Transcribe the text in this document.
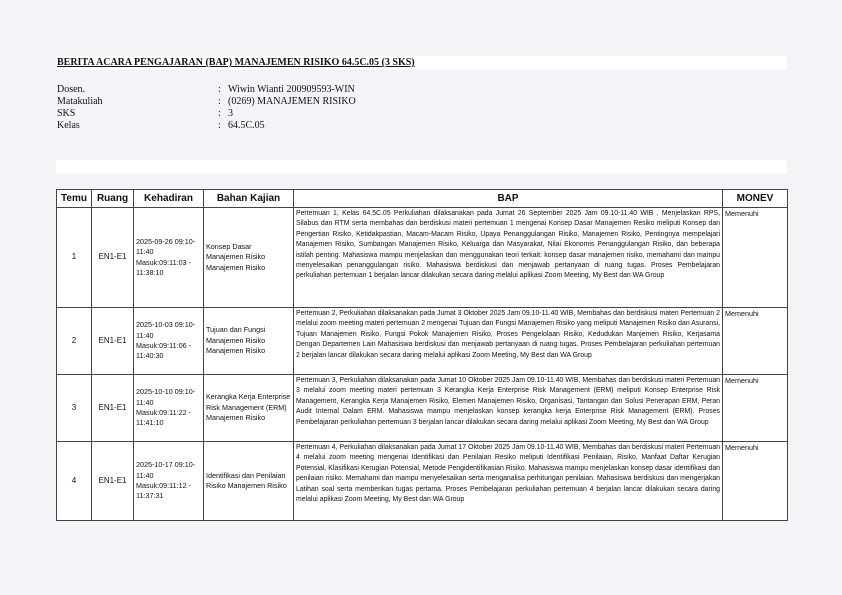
BERITA ACARA PENGAJARAN (BAP) MANAJEMEN RISIKO 64.5C.05 (3 SKS)
Dosen.	: Wiwin Wianti 200909593-WIN
Matakuliah	: (0269) MANAJEMEN RISIKO
SKS	: 3
Kelas	: 64.5C.05
Temu	Ruang	Kehadiran	Bahan Kajian	BAP	MONEV
1	EN1-E1	2025-09-26 09:10-11:40 Masuk:09:11:03 - 11:38:10	Konsep Dasar Manajemen Risiko Manajemen Risiko	Pertemuan 1, Kelas 64.5C.05 Perkuliahan dilaksanakan pada Jumat 26 September 2025 Jam 09.10-11.40 WIB , Menjelaskan RPS, Silabus dan RTM serta membahas dan berdiskusi materi pertemuan 1 mengenai Konsep Dasar Manajemen Resiko meliputi Konsep dan Pengertian Risiko, Ketidakpastian, Macam-Macam Risiko, Upaya Penanggulangan Risiko, Manajemen Risiko, Pentingnya mempelajari Manajemen Risiko, Sumbangan Manajemen Risiko, Keluarga dan Masyarakat, Nilai Ekonomis Penanggulangan Risiko, dan beberapa istilah penting. Mahasiswa mampu menjelaskan dan menggunakan teori terkait: konsep dasar manajemen risiko, memahami dan mampu menyelesaikan penanggulangan risiko. Mahasiswa berdiskusi dan menjawab pertanyaan di ruang tugas. Proses Pembelajaran perkuliahan pertemuan 1 berjalan lancar dilakukan secara daring melalui aplikasi Zoom Meeting, My Best dan WA Group	Memenuhi
2	EN1-E1	2025-10-03 09:10-11:40 Masuk:09:11:06 - 11:40:30	Tujuan dan Fungsi Manajemen Risiko Manajemen Risiko	Pertemuan 2, Perkuliahan dilaksanakan pada Jumat 3 Oktober 2025 Jam 09.10-11.40 WIB, Membahas dan berdiskusi materi Pertemuan 2 melalui zoom meeting materi pertemuan 2 mengenai Tujuan dan Fungsi Manajemen Risiko yang meliputi Manajemen Risiko dan Asuransi, Tujuan Manajemen Risiko, Fungsi Pokok Manajemen Risiko, Proses Pengelolaan Risiko, Kedudukan Manjemen Risiko, Kerjasama Dengan Departemen Lain Mahasiswa berdiskusi dan menjawab pertanyaan di ruang tugas. Proses Pembelajaran perkuliahan pertemuan 2 berjalan lancar dilakukan secara daring melalui aplikasi Zoom Meeting, My Best dan WA Group	Memenuhi
3	EN1-E1	2025-10-10 09:10-11:40 Masuk:09:11:22 - 11:41:10	Kerangka Kerja Enterprise Risk Management (ERM) Manajemen Risiko	Pertemuan 3, Perkuliahan dilaksanakan pada Jumat 10 Oktober 2025 Jam 09.10-11.40 WIB, Membahas dan berdiskusi materi Pertemuan 3 melalui zoom meeting materi pertemuan 3 Kerangka Kerja Enterprise Risk Management (ERM) meliputi Konsep Enterprise Risk Management, Kerangka Kerja Manajemen Risiko, Elemen Manajemen Risiko, Organisasi, Tantangan dan Solusi Penerapan ERM, Peran Audit Internal Dalam ERM. Mahasiswa mampu menjelaskan konsep kerangka kerja Enterprise Risk Management (ERM). Proses Pembelajaran perkuliahan pertemuan 3 berjalan lancar dilakukan secara daring melalui aplikasi Zoom Meeting, My Best dan WA Group	Memenuhi
4	EN1-E1	2025-10-17 09:10-11:40 Masuk:09:11:12 - 11:37:31	Identifikasi dan Penilaian Risiko Manajemen Risiko	Pertemuan 4, Perkuliahan dilaksanakan pada Jumat 17 Oktober 2025 Jam 09.10-11.40 WIB, Membahas dan berdiskusi materi Pertemuan 4 melalui zoom meeting mengenai Identifikasi dan Penilaian Resiko meliputi Identifikasi Penilaian, Risiko, Manfaat Daftar Kerugian Potensial, Klasifikasi Kerugian Potensial, Metode Pengidentifikasian Risiko. Mahasiswa mampu menjelaskan konsep dasar identifikasi dan penilaian risiko. Memahami dan mampu menyelesaikan serta menganalisa perhitungan penilaian. Mahasiswa berdiskusi dan mengerjakan Latihan soal serta memberikan tugas pertama. Proses Pembelajaran perkuliahan pertemuan 4 berjalan lancar dilakukan secara daring melalui aplikasi Zoom Meeting, My Best dan WA Group	Memenuhi
